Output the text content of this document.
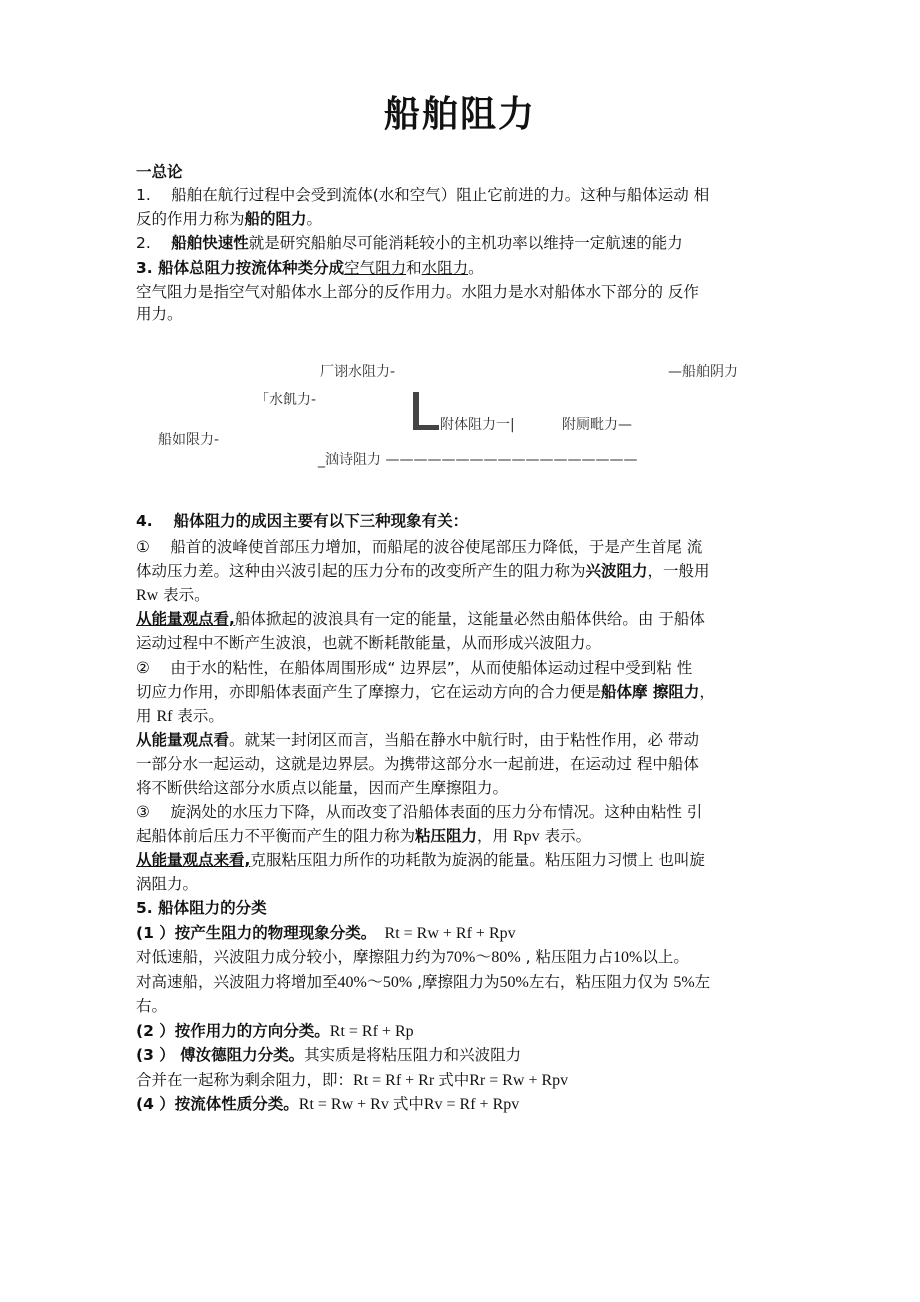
船舶阻力
厂诩水阻力-	—船舶阴力
「水飢力-
附体阻力一|	附厕毗力—
船如限力-
_汹诗阻力 ——————————————————
一总论
1.　 船舶在航行过程中会受到流体(水和空气）阻止它前进的力。这种与船体运动 相
反的作用力称为船的阻力。
2.　 船舶快速性就是研究船舶尽可能消耗较小的主机功率以维持一定航速的能力
3. 船体总阻力按流体种类分成空气阻力和水阻力。
空气阻力是指空气对船体水上部分的反作用力。水阻力是水对船体水下部分的 反作
用力。
4.　 船体阻力的成因主要有以下三种现象有关：
①　 船首的波峰使首部压力增加，而船尾的波谷使尾部压力降低，于是产生首尾 流
体动压力差。这种由兴波引起的压力分布的改变所产生的阻力称为兴波阻力，一般用
Rw 表示。
从能量观点看,船体掀起的波浪具有一定的能量，这能量必然由船体供给。由 于船体
运动过程中不断产生波浪，也就不断耗散能量，从而形成兴波阻力。
②　 由于水的粘性，在船体周围形成“ 边界层”，从而使船体运动过程中受到粘 性
切应力作用，亦即船体表面产生了摩擦力，它在运动方向的合力便是船体摩 擦阻力，
用 Rf 表示。
从能量观点看。就某一封闭区而言，当船在静水中航行时，由于粘性作用，必 带动
一部分水一起运动，这就是边界层。为携带这部分水一起前进，在运动过 程中船体
将不断供给这部分水质点以能量，因而产生摩擦阻力。
③　 旋涡处的水压力下降，从而改变了沿船体表面的压力分布情况。这种由粘性 引
起船体前后压力不平衡而产生的阻力称为粘压阻力，用 Rpv 表示。
从能量观点来看,克服粘压阻力所作的功耗散为旋涡的能量。粘压阻力习惯上 也叫旋
涡阻力。
5. 船体阻力的分类
(1 ）按产生阻力的物理现象分类。　Rt = Rw + Rf + Rpv
对低速船，兴波阻力成分较小，摩擦阻力约为70%〜80% , 粘压阻力占10%以上。
对高速船，兴波阻力将增加至40%〜50% ,摩擦阻力为50%左右，粘压阻力仅为 5%左
右。
(2 ）按作用力的方向分类。Rt = Rf + Rp
(3 ） 傅汝德阻力分类。其实质是将粘压阻力和兴波阻力
合并在一起称为剩余阻力，即：Rt = Rf + Rr 式中Rr = Rw + Rpv
(4 ）按流体性质分类。Rt = Rw + Rv 式中Rv = Rf + Rpv
